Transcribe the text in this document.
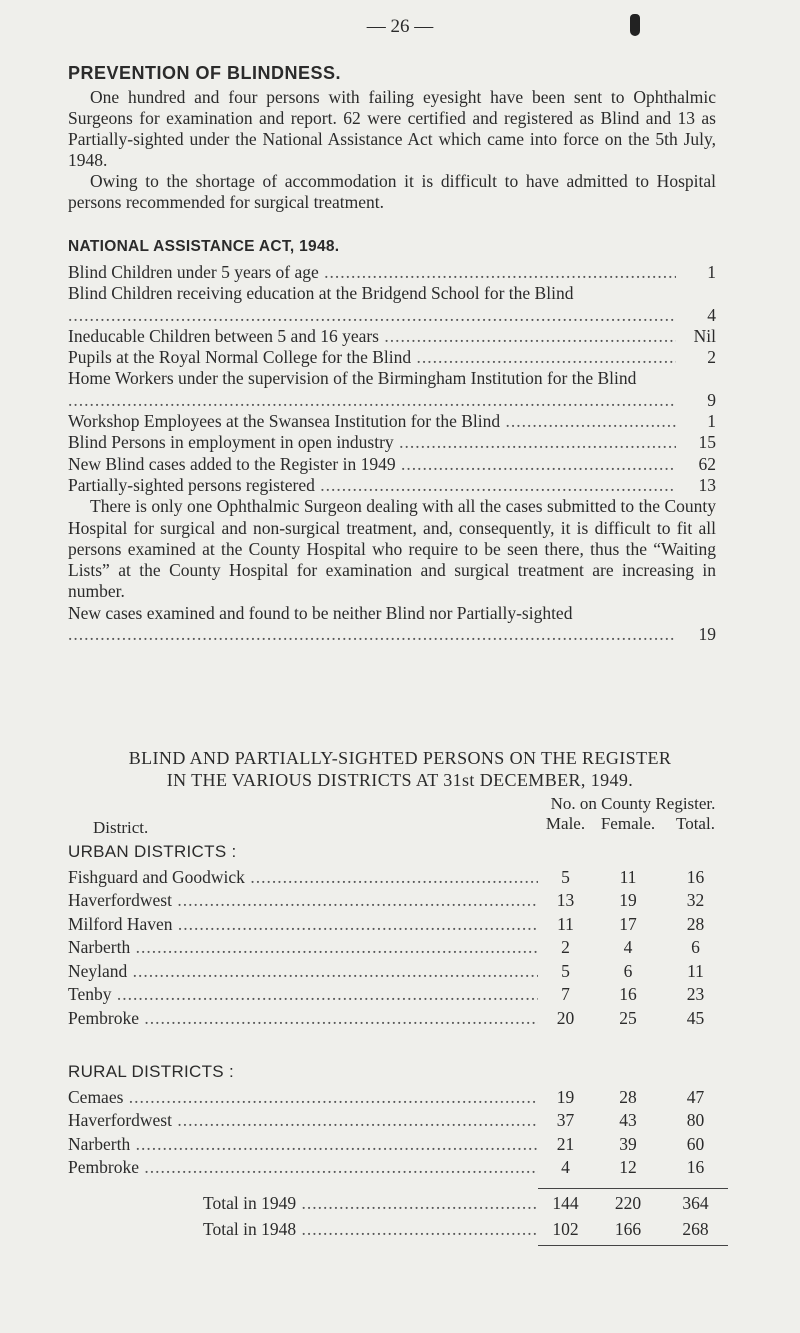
— 26 —
PREVENTION OF BLINDNESS.

One hundred and four persons with failing eyesight have been sent to Ophthalmic Surgeons for examination and report. 62 were certified and registered as Blind and 13 as Partially-sighted under the National Assistance Act which came into force on the 5th July, 1948.

Owing to the shortage of accommodation it is difficult to have admitted to Hospital persons recommended for surgical treatment.

NATIONAL ASSISTANCE ACT, 1948.
Blind Children under 5 years of age .....	1
Blind Children receiving education at the Bridgend School for the Blind .....
4
Ineducable Children between 5 and 16 years .....	Nil
Pupils at the Royal Normal College for the Blind .....	2
Home Workers under the supervision of the Birmingham Institution for the Blind .....
9
Workshop Employees at the Swansea Institution for the Blind .....	1
Blind Persons in employment in open industry .....	15
New Blind cases added to the Register in 1949 .....	62
Partially-sighted persons registered .....	13

There is only one Ophthalmic Surgeon dealing with all the cases submitted to the County Hospital for surgical and non-surgical treatment, and, consequently, it is difficult to fit all persons examined at the County Hospital who require to be seen there, thus the “Waiting Lists” at the County Hospital for examination and surgical treatment are increasing in number.

New cases examined and found to be neither Blind nor Partially-sighted .....
19
BLIND AND PARTIALLY-SIGHTED PERSONS ON THE REGISTER
IN THE VARIOUS DISTRICTS AT 31st DECEMBER, 1949.
No. on County Register.
District.	Male. Female.	Total.
URBAN DISTRICTS :
Fishguard and Goodwick .....	5	11	16
Haverfordwest .....	13	19	32
Milford Haven .....	11	17	28
Narberth .....	2	4	6
Neyland .....	5	6	11
Tenby .....	7	16	23
Pembroke .....	20	25	45
RURAL DISTRICTS :
Cemaes .....	19	28	47
Haverfordwest .....	37	43	80
Narberth .....	21	39	60
Pembroke .....	4	12	16
Total in 1949 .....	144	220	364
Total in 1948 .....	102	166	268
